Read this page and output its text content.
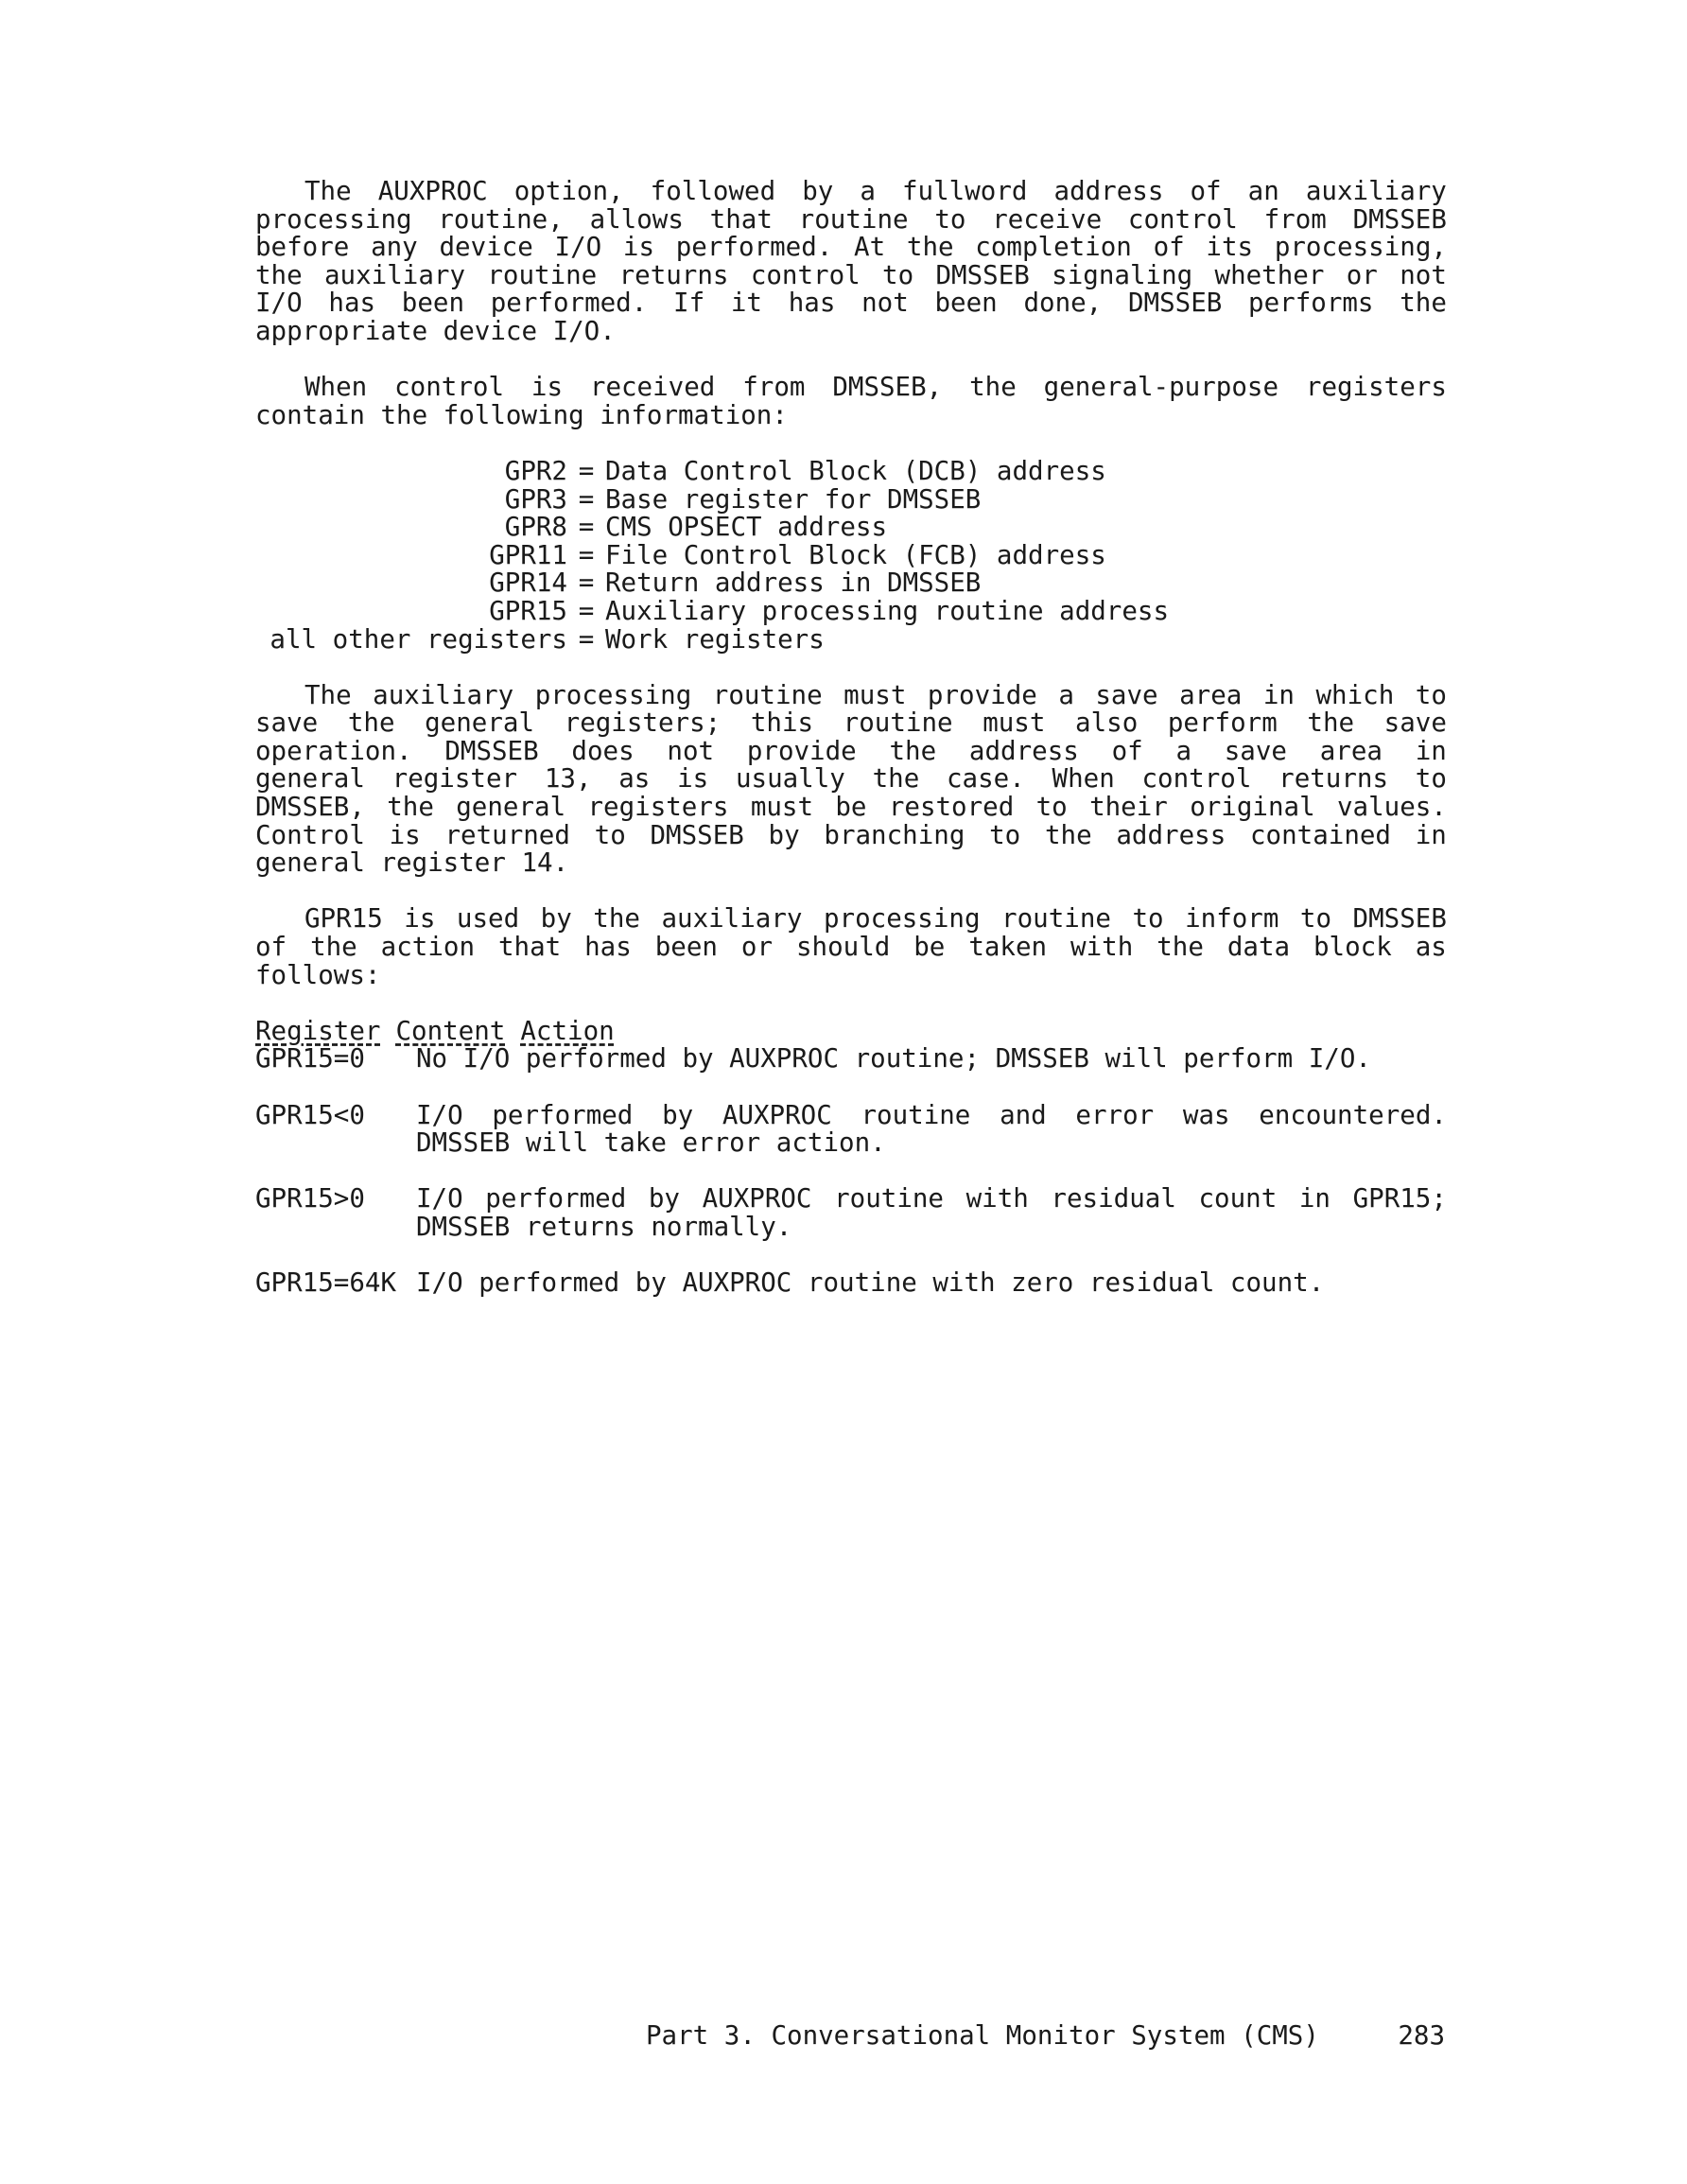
The AUXPROC option, followed by a fullword address of an auxiliary
processing routine, allows that routine to receive control from DMSSEB
before any device I/O is performed. At the completion of its processing,
the auxiliary routine returns control to DMSSEB signaling whether or not
I/O has been performed. If it has not been done, DMSSEB performs the
appropriate device I/O.
When control is received from DMSSEB, the general-purpose registers
contain the following information:
GPR2 = Data Control Block (DCB) address
GPR3 = Base register for DMSSEB
GPR8 = CMS OPSECT address
GPR11 = File Control Block (FCB) address
GPR14 = Return address in DMSSEB
GPR15 = Auxiliary processing routine address
all other registers = Work registers
The auxiliary processing routine must provide a save area in which to
save the general registers; this routine must also perform the save
operation. DMSSEB does not provide the address of a save area in
general register 13, as is usually the case. When control returns to
DMSSEB, the general registers must be restored to their original values.
Control is returned to DMSSEB by branching to the address contained in
general register 14.
GPR15 is used by the auxiliary processing routine to inform to DMSSEB
of the action that has been or should be taken with the data block as
follows:
Register Content Action
GPR15=0	No I/O performed by AUXPROC routine; DMSSEB will perform I/O.
GPR15<0	I/O performed by AUXPROC routine and error was encountered.
DMSSEB will take error action.
GPR15>0	I/O performed by AUXPROC routine with residual count in GPR15;
DMSSEB returns normally.
GPR15=64K I/O performed by AUXPROC routine with zero residual count.
Part 3. Conversational Monitor System (CMS)	283
